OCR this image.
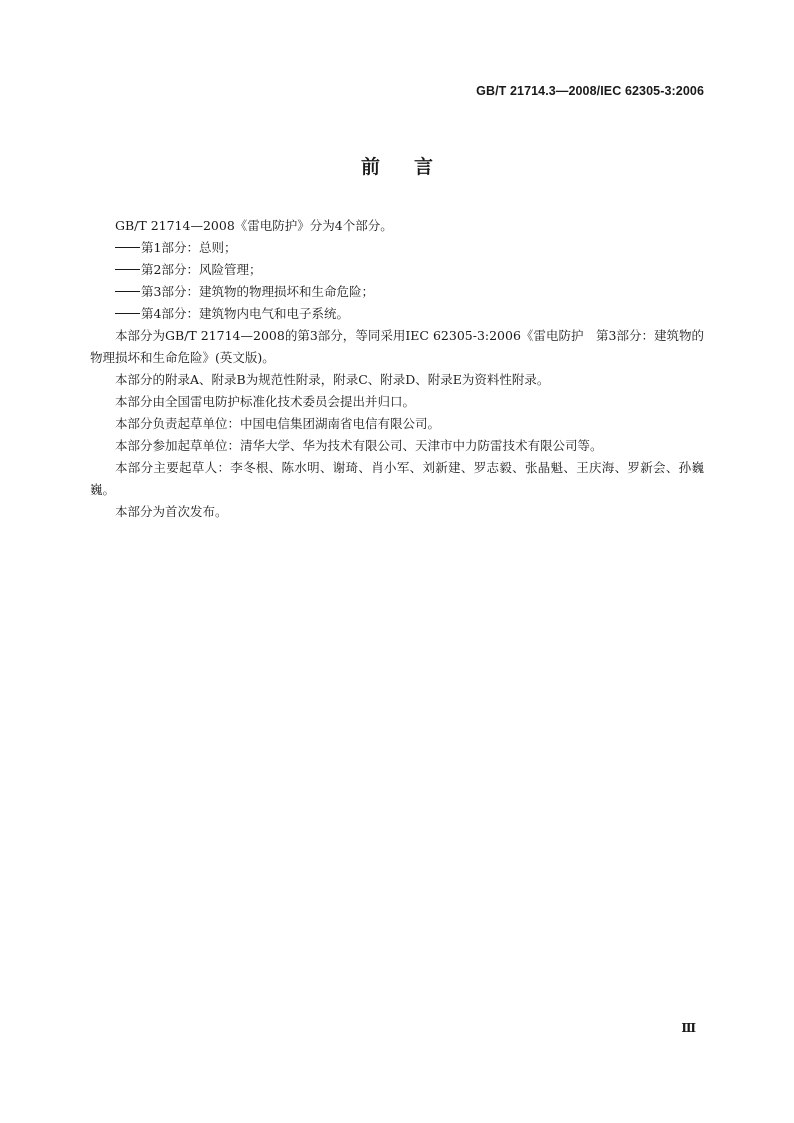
GB/T 21714.3—2008/IEC 62305-3:2006
前言

GB/T 21714—2008《雷电防护》分为4个部分。

第1部分：总则；

第2部分：风险管理；

第3部分：建筑物的物理损坏和生命危险；

第4部分：建筑物内电气和电子系统。

本部分为GB/T 21714—2008的第3部分，等同采用IEC 62305-3:2006《雷电防护　第3部分：建筑物的物理损坏和生命危险》(英文版)。

本部分的附录A、附录B为规范性附录，附录C、附录D、附录E为资料性附录。

本部分由全国雷电防护标准化技术委员会提出并归口。

本部分负责起草单位：中国电信集团湖南省电信有限公司。

本部分参加起草单位：清华大学、华为技术有限公司、天津市中力防雷技术有限公司等。

本部分主要起草人：李冬根、陈水明、谢琦、肖小军、刘新建、罗志毅、张晶魁、王庆海、罗新会、孙巍巍。

本部分为首次发布。

Ⅲ
